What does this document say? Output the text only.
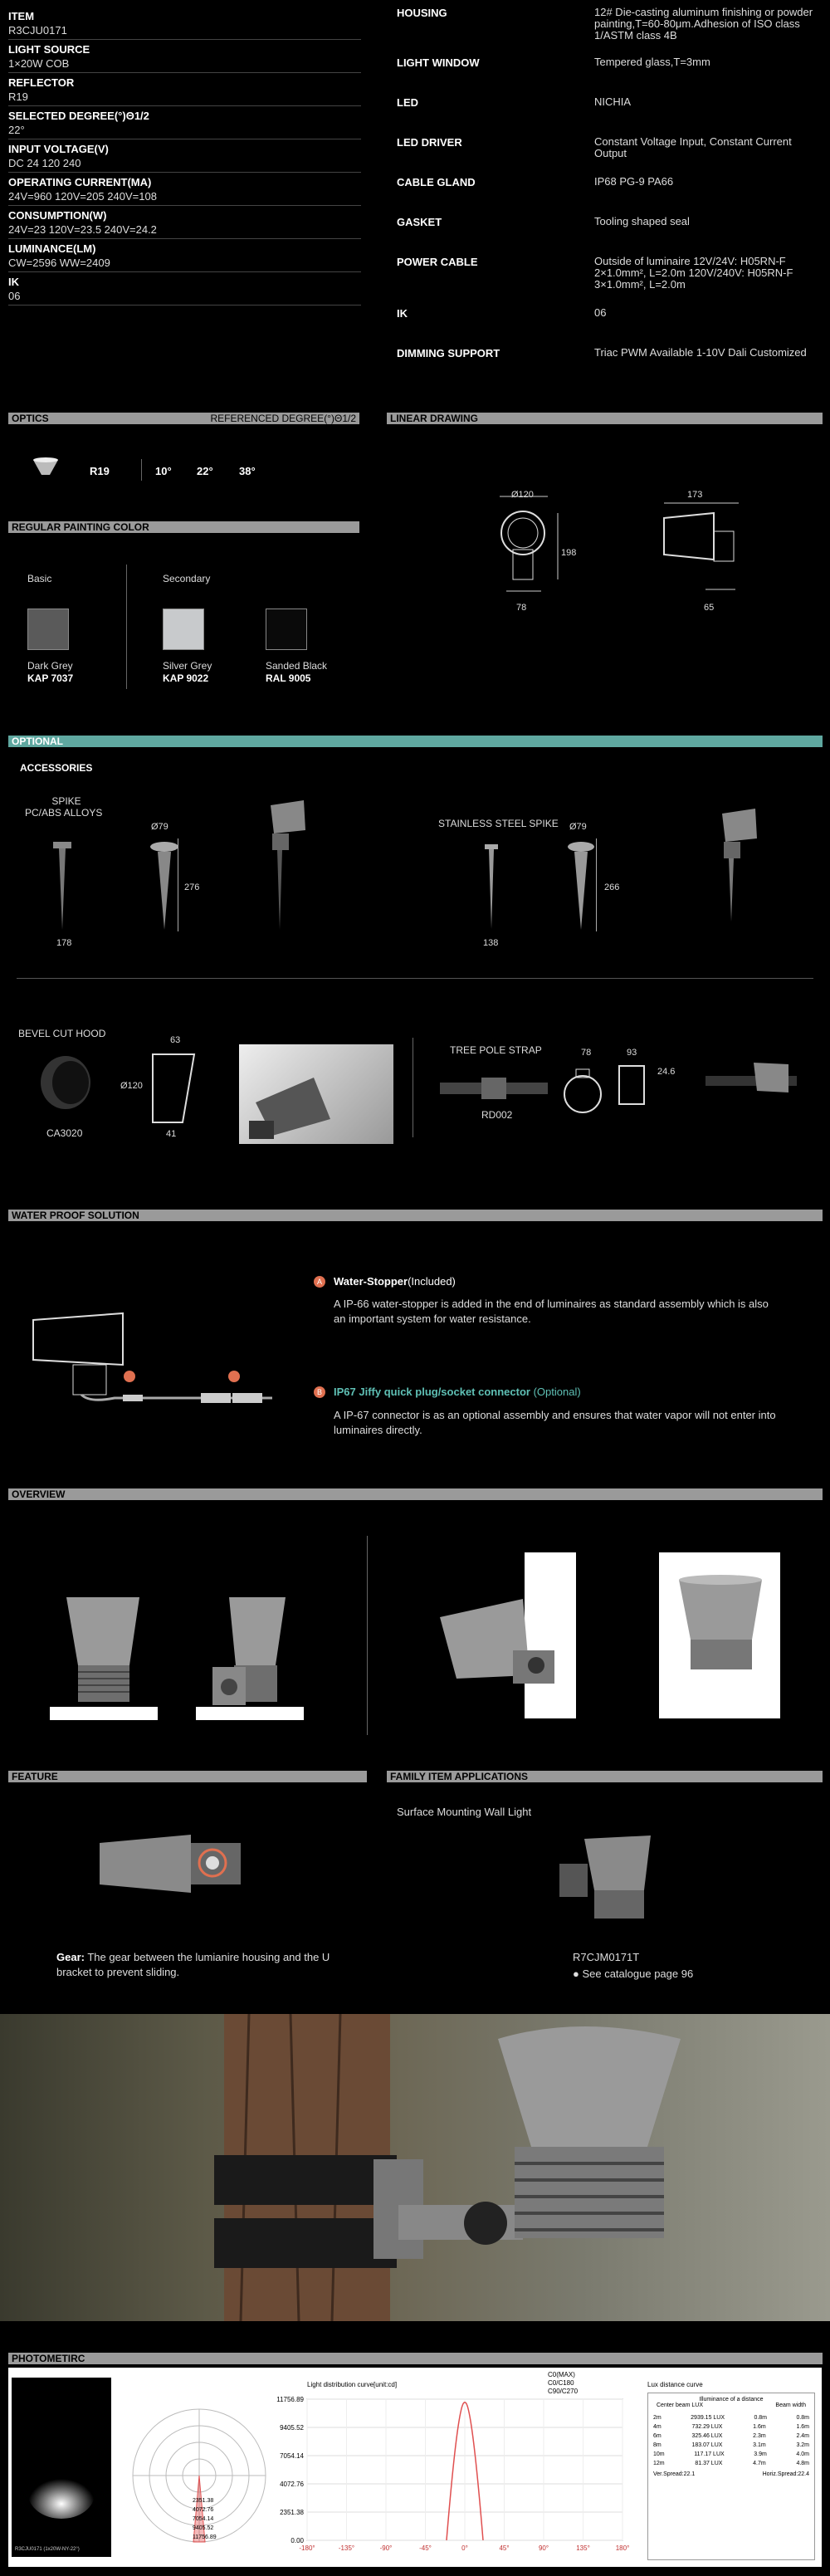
ITEM
R3CJU0171
LIGHT SOURCE
1×20W COB
REFLECTOR
R19
SELECTED DEGREE(°)Θ1/2
22°
INPUT VOLTAGE(V)
DC 24 120 240
OPERATING CURRENT(MA)
24V=960 120V=205 240V=108
CONSUMPTION(W)
24V=23 120V=23.5 240V=24.2
LUMINANCE(LM)
CW=2596 WW=2409
IK
06
HOUSING	12# Die-casting aluminum finishing or powder painting,T=60-80μm.Adhesion of ISO class 1/ASTM class 4B
LIGHT WINDOW	Tempered glass,T=3mm
LED	NICHIA
LED DRIVER	Constant Voltage Input, Constant Current Output
CABLE GLAND	IP68 PG-9 PA66
GASKET	Tooling shaped seal
POWER CABLE	Outside of luminaire 12V/24V: H05RN-F 2×1.0mm², L=2.0m 120V/240V: H05RN-F 3×1.0mm², L=2.0m
IK	06
DIMMING SUPPORT	Triac PWM Available 1-10V Dali Customized
OPTICS	REFERENCED DEGREE(°)Θ1/2	LINEAR DRAWING
R19	10° 22° 38°
Ø120
198
78
173
65
REGULAR PAINTING COLOR
Basic	Secondary
Dark Grey
KAP 7037
Silver Grey
KAP 9022
Sanded Black
RAL 9005
OPTIONAL
ACCESSORIES
SPIKE
PC/ABS ALLOYS
178
Ø79
276
STAINLESS STEEL SPIKE
138
Ø79
266
BEVEL CUT HOOD
CA3020
63
Ø120
41
TREE POLE STRAP
RD002
78	93
24.6
WATER PROOF SOLUTION
A	Water-Stopper(Included)
A IP-66 water-stopper is added in the end of luminaires as standard assembly which is also an important system for water resistance.
B	IP67 Jiffy quick plug/socket connector (Optional)
A IP-67 connector is as an optional assembly and ensures that water vapor will not enter into luminaires directly.
OVERVIEW
FEATURE	FAMILY ITEM APPLICATIONS
Gear: The gear between the lumianire housing and the U bracket to prevent sliding.
Surface Mounting Wall Light
R7CJM0171T
● See catalogue page 96
PHOTOMETIRC
R3CJU0171 (1x20W-NY-22°)
2351.38
4072.76
7054.14
9405.52
11756.89
Light distribution curve[unit:cd]
C0(MAX)
C0/C180
C90/C270
11756.89
9405.52
7054.14
4072.76
2351.38
0.00
-180°	-135°	-90°	-45°	0°	45°	90°	135°	180°
Lux distance curve
Illuminance of a distance
Center beam LUX	Beam width
2m	2939.15 LUX	0.8m	0.8m
4m	732.29 LUX	1.6m	1.6m
6m	325.46 LUX	2.3m	2.4m
8m	183.07 LUX	3.1m	3.2m
10m	117.17 LUX	3.9m	4.0m
12m	81.37 LUX	4.7m	4.8m
Ver.Spread:22.1	Horiz.Spread:22.4
